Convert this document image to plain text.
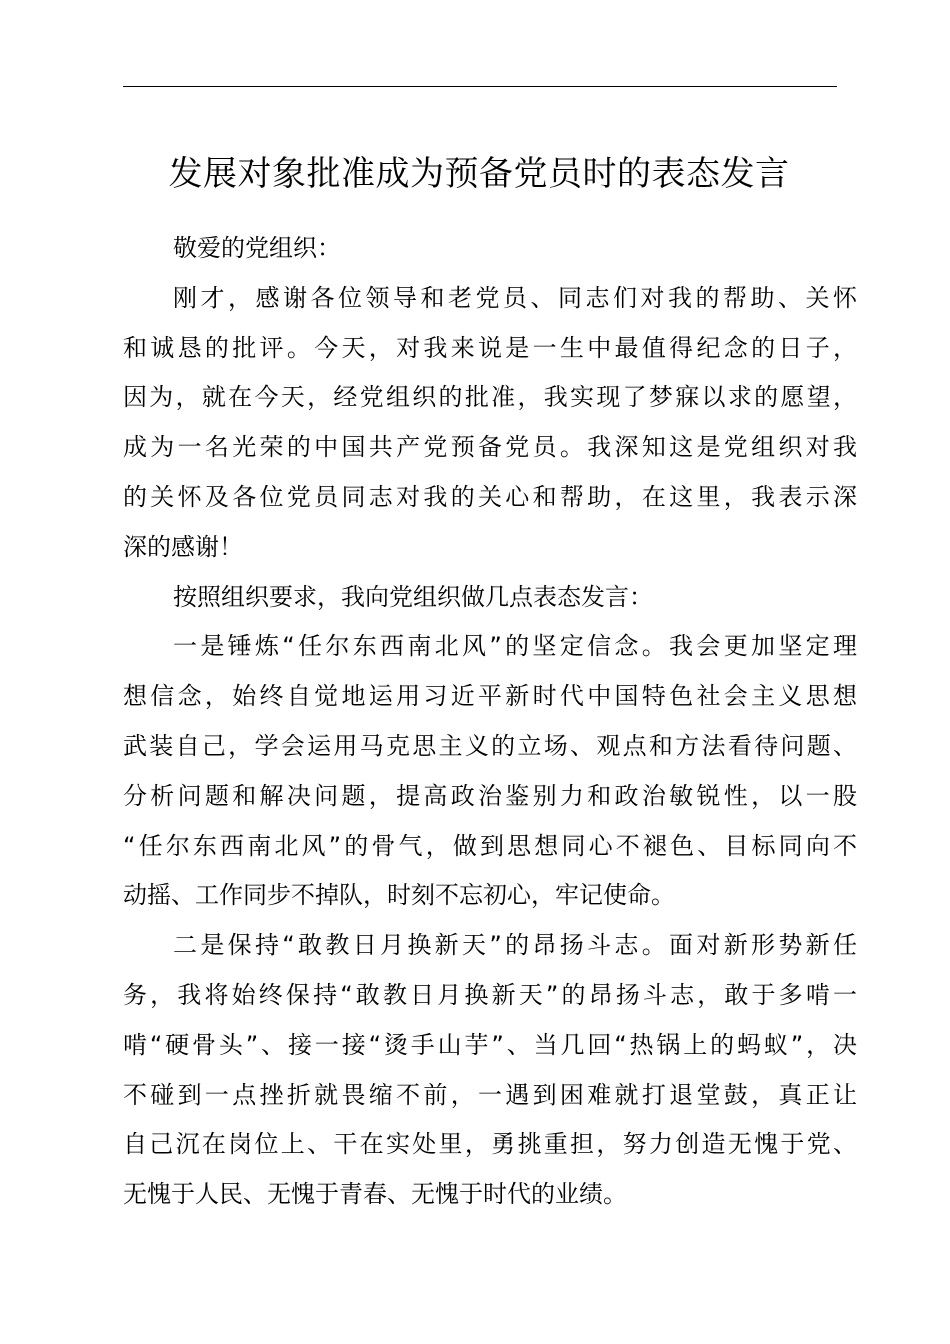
发展对象批准成为预备党员时的表态发言
敬爱的党组织：
刚才，感谢各位领导和老党员、同志们对我的帮助、关怀
和诚恳的批评。今天，对我来说是一生中最值得纪念的日子，
因为，就在今天，经党组织的批准，我实现了梦寐以求的愿望，
成为一名光荣的中国共产党预备党员。我深知这是党组织对我
的关怀及各位党员同志对我的关心和帮助，在这里，我表示深
深的感谢！
按照组织要求，我向党组织做几点表态发言：
一是锤炼“任尔东西南北风”的坚定信念。我会更加坚定理
想信念，始终自觉地运用习近平新时代中国特色社会主义思想
武装自己，学会运用马克思主义的立场、观点和方法看待问题、
分析问题和解决问题，提高政治鉴别力和政治敏锐性，以一股
“任尔东西南北风”的骨气，做到思想同心不褪色、目标同向不
动摇、工作同步不掉队，时刻不忘初心，牢记使命。
二是保持“敢教日月换新天”的昂扬斗志。面对新形势新任
务，我将始终保持“敢教日月换新天”的昂扬斗志，敢于多啃一
啃“硬骨头”、接一接“烫手山芋”、当几回“热锅上的蚂蚁”，决
不碰到一点挫折就畏缩不前，一遇到困难就打退堂鼓，真正让
自己沉在岗位上、干在实处里，勇挑重担，努力创造无愧于党、
无愧于人民、无愧于青春、无愧于时代的业绩。
